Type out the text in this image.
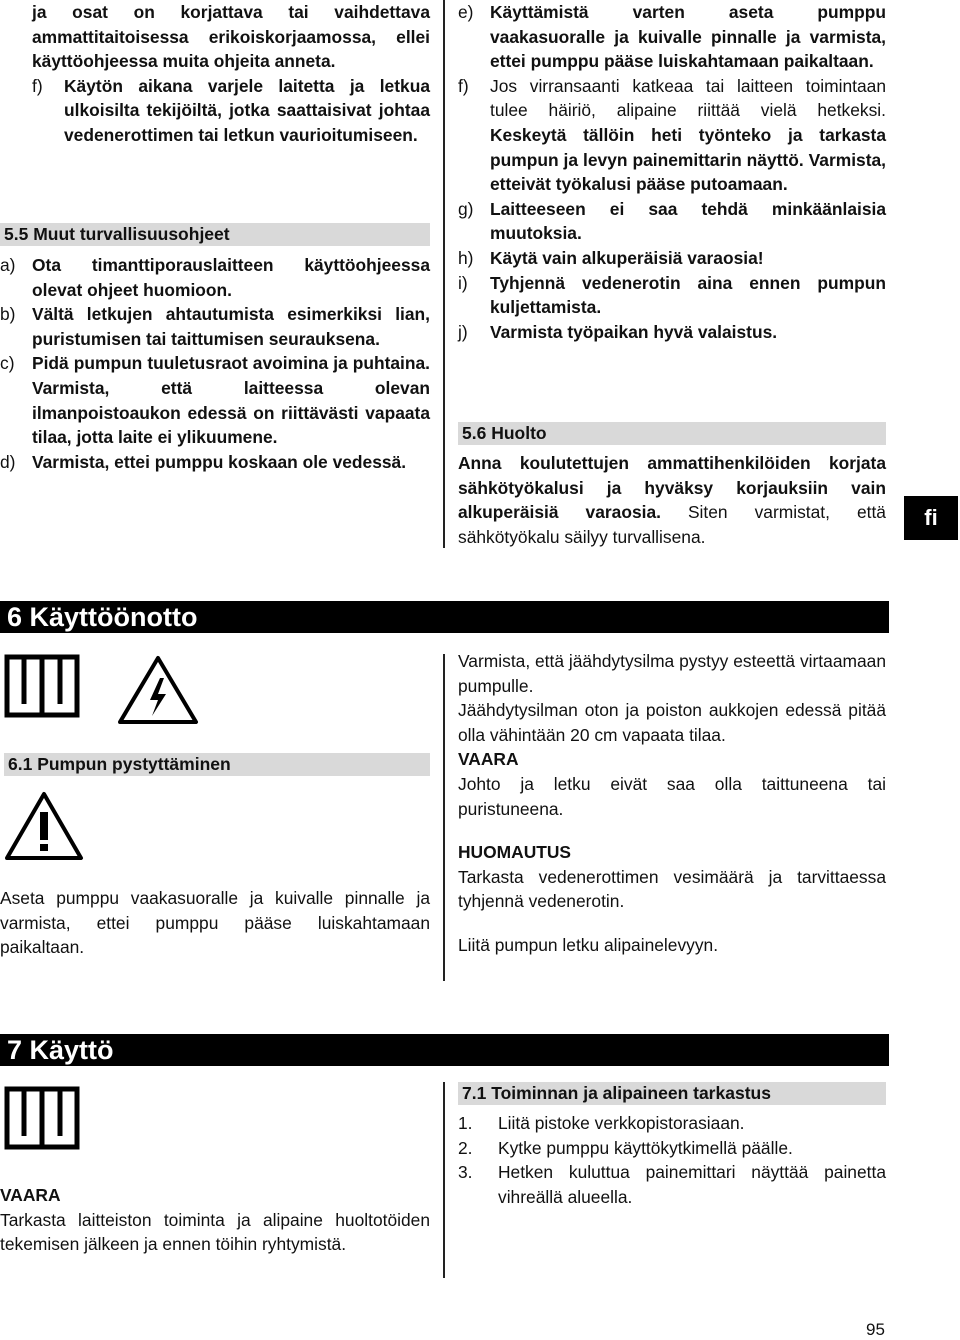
ja osat on korjattava tai vaihdettava ammattitaitoisessa erikoiskorjaamossa, ellei käyttöohjeessa muita ohjeita anneta.

f) Käytön aikana varjele laitetta ja letkua ulkoisilta tekijöiltä, jotka saattaisivat johtaa vedenerottimen tai letkun vaurioitumiseen.
5.5 Muut turvallisuusohjeet
a) Ota timanttiporauslaitteen käyttöohjeessa olevat ohjeet huomioon.
b) Vältä letkujen ahtautumista esimerkiksi lian, puristumisen tai taittumisen seurauksena.
c) Pidä pumpun tuuletusraot avoimina ja puhtaina. Varmista, että laitteessa olevan ilmanpoistoaukon edessä on riittävästi vapaata tilaa, jotta laite ei ylikuumene.
d) Varmista, ettei pumppu koskaan ole vedessä.
e) Käyttämistä varten aseta pumppu vaakasuoralle ja kuivalle pinnalle ja varmista, ettei pumppu pääse luiskahtamaan paikaltaan.
f) Jos virransaanti katkeaa tai laitteen toimintaan tulee häiriö, alipaine riittää vielä hetkeksi. Keskeytä tällöin heti työnteko ja tarkasta pumpun ja levyn painemittarin näyttö. Varmista, etteivät työkalusi pääse putoamaan.
g) Laitteeseen ei saa tehdä minkäänlaisia muutoksia.
h) Käytä vain alkuperäisiä varaosia!
i) Tyhjennä vedenerotin aina ennen pumpun kuljettamista.
j) Varmista työpaikan hyvä valaistus.
5.6 Huolto
Anna koulutettujen ammattihenkilöiden korjata sähkötyökalusi ja hyväksy korjauksiin vain alkuperäisiä varaosia. Siten varmistat, että sähkötyökalu säilyy turvallisena.
fi
6 Käyttöönotto
6.1 Pumpun pystyttäminen
Aseta pumppu vaakasuoralle ja kuivalle pinnalle ja varmista, ettei pumppu pääse luiskahtamaan paikaltaan.

Varmista, että jäähdytysilma pystyy esteettä virtaamaan pumpulle.

Jäähdytysilman oton ja poiston aukkojen edessä pitää olla vähintään 20 cm vapaata tilaa.

VAARA

Johto ja letku eivät saa olla taittuneena tai puristuneena.

HUOMAUTUS

Tarkasta vedenerottimen vesimäärä ja tarvittaessa tyhjennä vedenerotin.

Liitä pumpun letku alipainelevyyn.

7 Käyttö

VAARA

Tarkasta laitteiston toiminta ja alipaine huoltotöiden tekemisen jälkeen ja ennen töihin ryhtymistä.

7.1 Toiminnan ja alipaineen tarkastus
1. Liitä pistoke verkkopistorasiaan.
2. Kytke pumppu käyttökytkimellä päälle.
3. Hetken kuluttua painemittari näyttää painetta vihreällä alueella.
95
